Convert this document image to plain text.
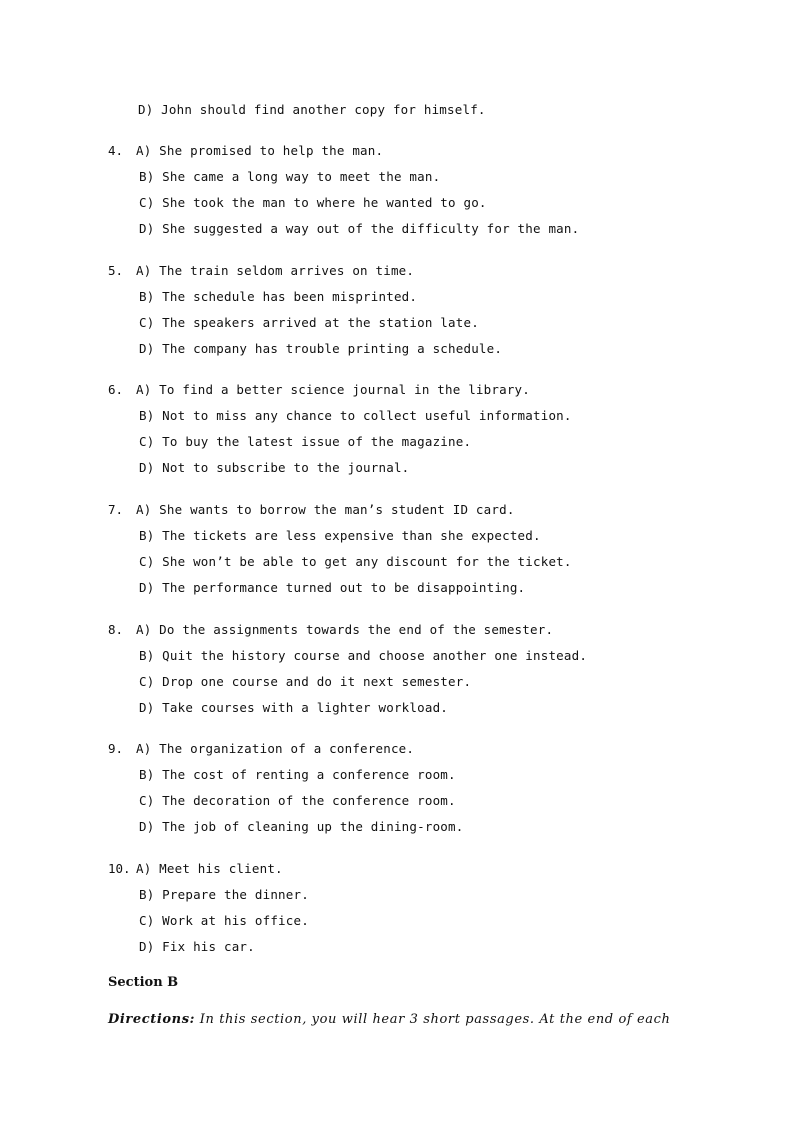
D) John should find another copy for himself.
4. A) She promised to help the man.
B) She came a long way to meet the man.
C) She took the man to where he wanted to go.
D) She suggested a way out of the difficulty for the man.
5. A) The train seldom arrives on time.
B) The schedule has been misprinted.
C) The speakers arrived at the station late.
D) The company has trouble printing a schedule.
6. A) To find a better science journal in the library.
B) Not to miss any chance to collect useful information.
C) To buy the latest issue of the magazine.
D) Not to subscribe to the journal.
7. A) She wants to borrow the man’s student ID card.
B) The tickets are less expensive than she expected.
C) She won’t be able to get any discount for the ticket.
D) The performance turned out to be disappointing.
8. A) Do the assignments towards the end of the semester.
B) Quit the history course and choose another one instead.
C) Drop one course and do it next semester.
D) Take courses with a lighter workload.
9. A) The organization of a conference.
B) The cost of renting a conference room.
C) The decoration of the conference room.
D) The job of cleaning up the dining-room.
10. A) Meet his client.
B) Prepare the dinner.
C) Work at his office.
D) Fix his car.
Section B
Directions: In this section, you will hear 3 short passages. At the end of each
